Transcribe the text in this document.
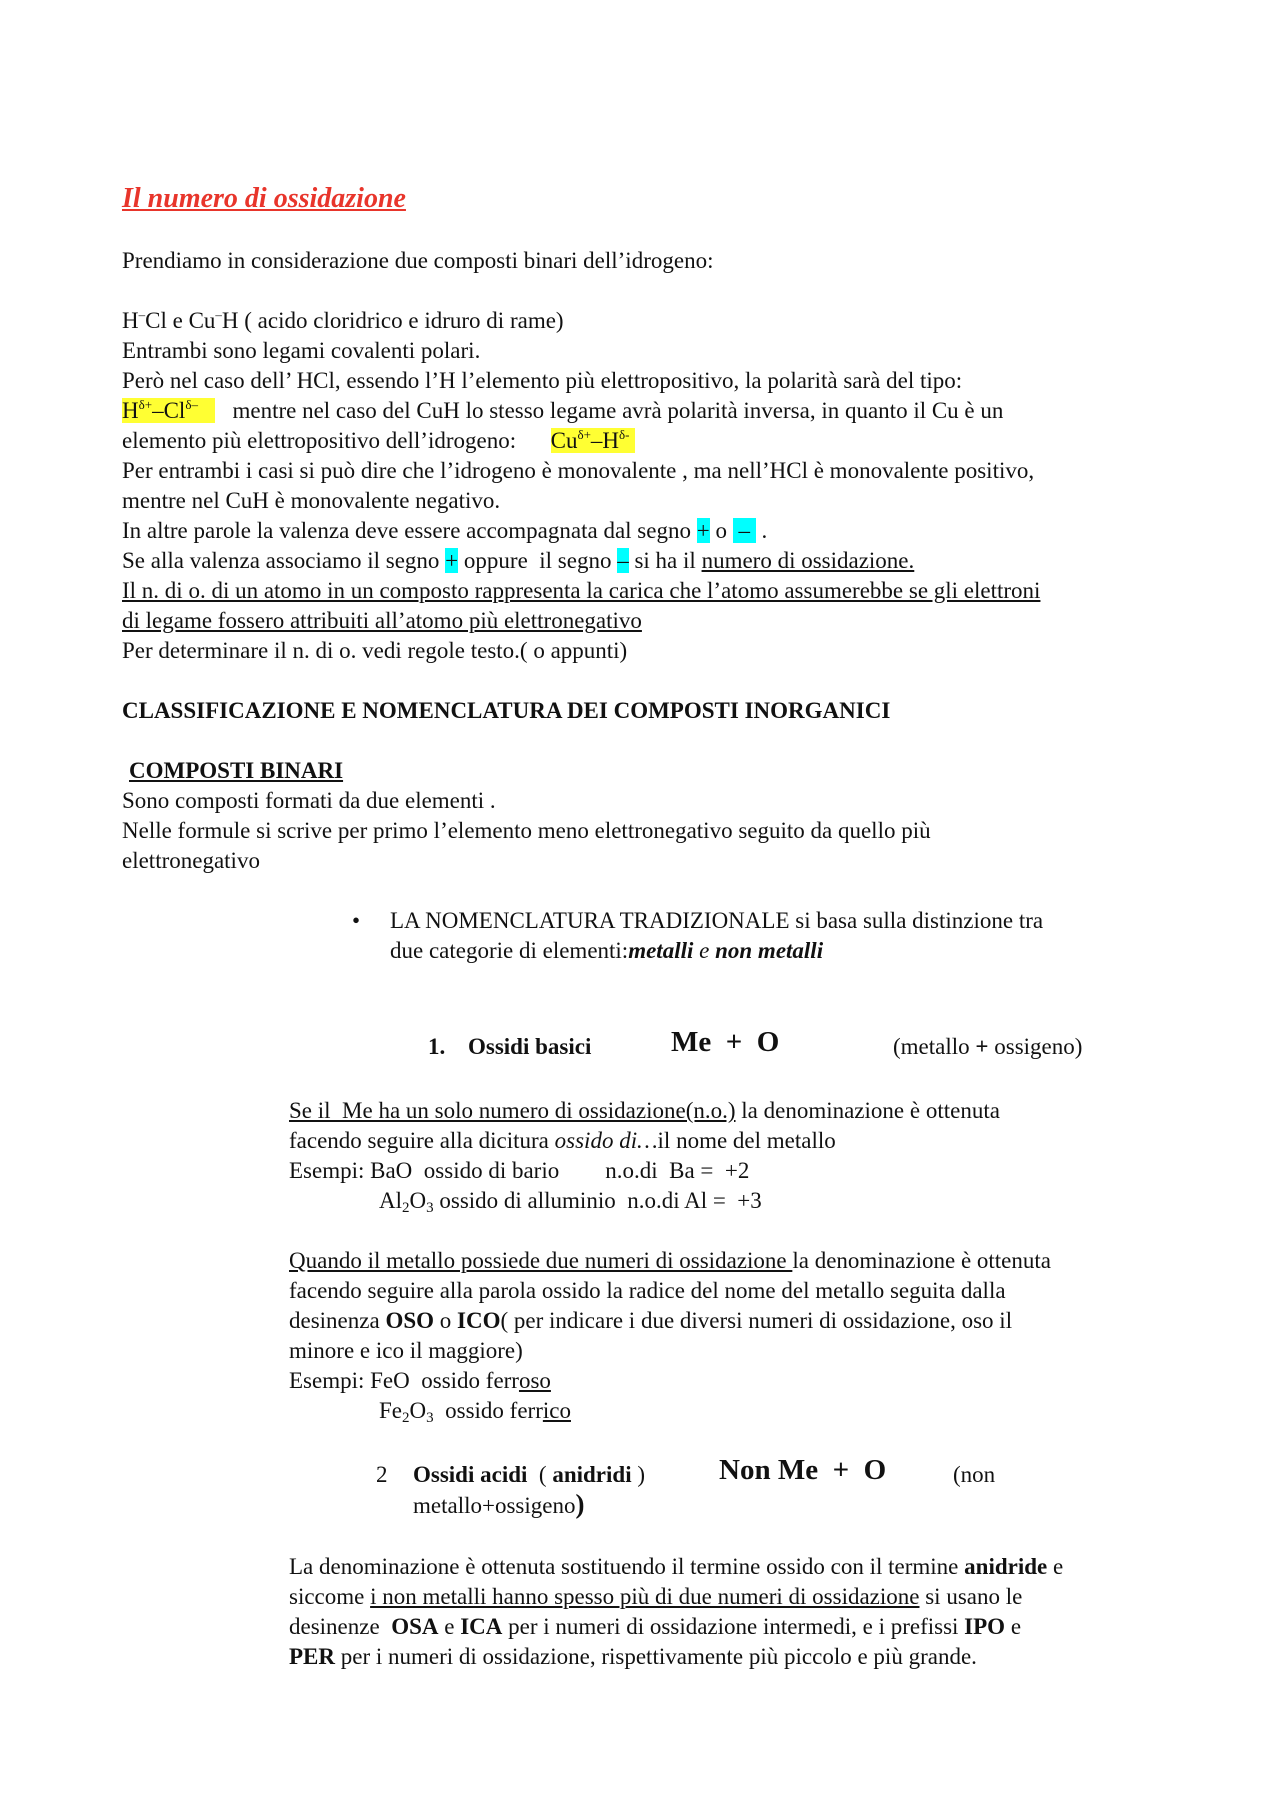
Il numero di ossidazione
Prendiamo in considerazione due composti binari dell’idrogeno:
H–Cl e Cu–H ( acido cloridrico e idruro di rame)
Entrambi sono legami covalenti polari.
Però nel caso dell’ HCl, essendo l’H l’elemento più elettropositivo, la polarità sarà del tipo:
$H^{\delta+}-Cl^{\delta-}$ mentre nel caso del CuH lo stesso legame avrà polarità inversa, in quanto il Cu è un
elemento più elettropositivo dell’idrogeno: $Cu^{\delta+}-H^{\delta-}$
Per entrambi i casi si può dire che l’idrogeno è monovalente , ma nell’HCl è monovalente positivo,
mentre nel CuH è monovalente negativo.
In altre parole la valenza deve essere accompagnata dal segno + o  –  .
Se alla valenza associamo il segno + oppure  il segno – si ha il numero di ossidazione.
Il n. di o. di un atomo in un composto rappresenta la carica che l’atomo assumerebbe se gli elettroni
di legame fossero attribuiti all’atomo più elettronegativo
Per determinare il n. di o. vedi regole testo.( o appunti)
CLASSIFICAZIONE E NOMENCLATURA DEI COMPOSTI INORGANICI
COMPOSTI BINARI
Sono composti formati da due elementi .
Nelle formule si scrive per primo l’elemento meno elettronegativo seguito da quello più
elettronegativo
• LA NOMENCLATURA TRADIZIONALE si basa sulla distinzione tra
due categorie di elementi:metalli e non metalli
1. Ossidi basici	Me  +  O	(metallo + ossigeno)
Se il  Me ha un solo numero di ossidazione(n.o.) la denominazione è ottenuta
facendo seguire alla dicitura ossido di…il nome del metallo
Esempi: BaO  ossido di bario        n.o.di  Ba =  +2
$Al_2O_3$ ossido di alluminio  n.o.di Al =  +3
Quando il metallo possiede due numeri di ossidazione la denominazione è ottenuta
facendo seguire alla parola ossido la radice del nome del metallo seguita dalla
desinenza OSO o ICO( per indicare i due diversi numeri di ossidazione, oso il
minore e ico il maggiore)
Esempi: FeO  ossido ferroso
$Fe_2O_3$  ossido ferrico
2 Ossidi acidi  ( anidridi )	Non Me  +  O	(non
metallo+ossigeno)
La denominazione è ottenuta sostituendo il termine ossido con il termine anidride e
siccome i non metalli hanno spesso più di due numeri di ossidazione si usano le
desinenze  OSA e ICA per i numeri di ossidazione intermedi, e i prefissi IPO e
PER per i numeri di ossidazione, rispettivamente più piccolo e più grande.
